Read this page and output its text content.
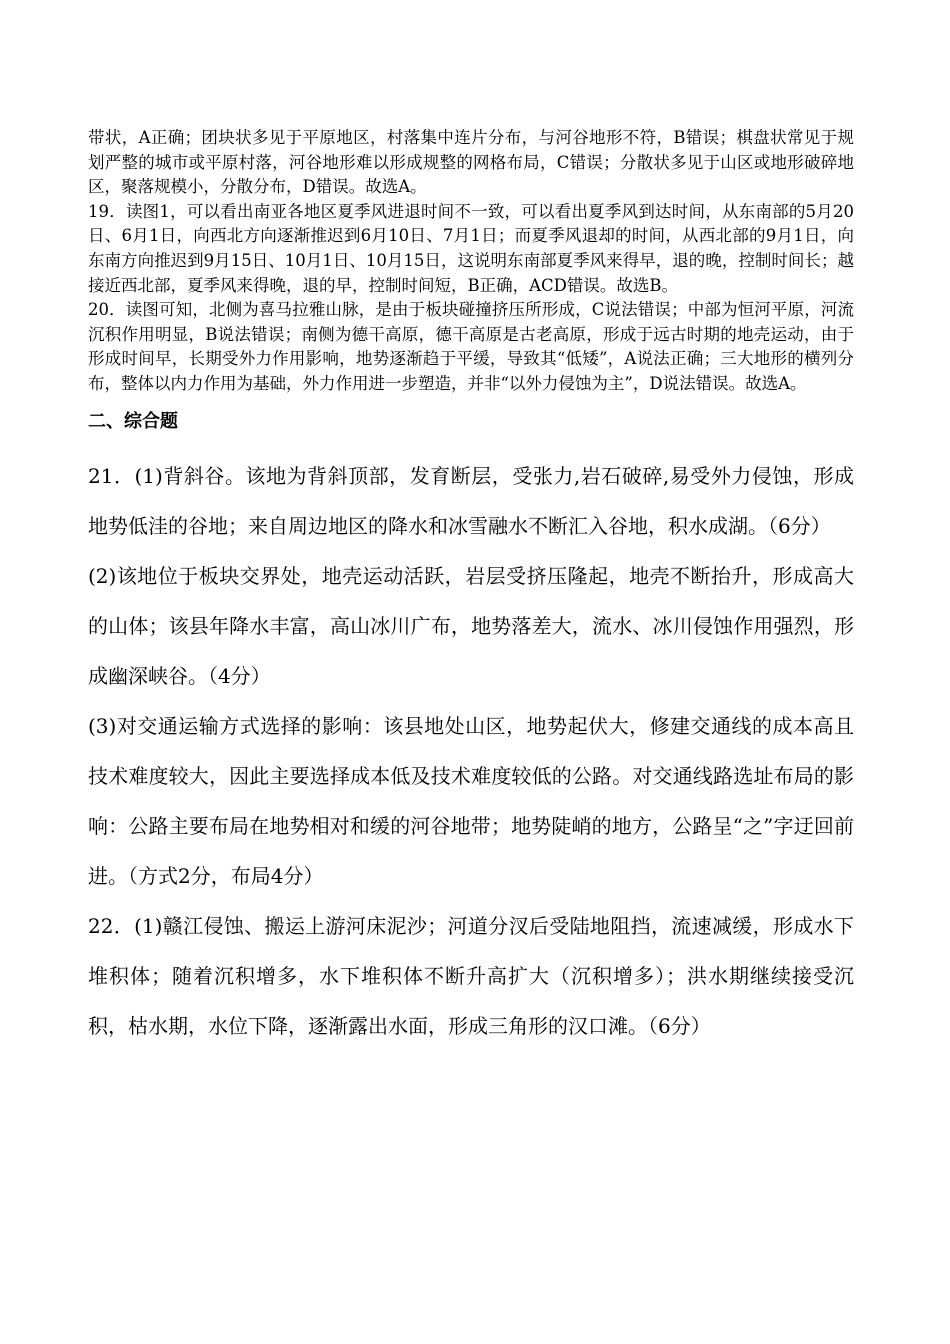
带状，A正确；团块状多见于平原地区，村落集中连片分布，与河谷地形不符，B错误；棋盘状常见于规划严整的城市或平原村落，河谷地形难以形成规整的网格布局，C错误；分散状多见于山区或地形破碎地区，聚落规模小，分散分布，D错误。故选A。

19．读图1，可以看出南亚各地区夏季风进退时间不一致，可以看出夏季风到达时间，从东南部的5月20日、6月1日，向西北方向逐渐推迟到6月10日、7月1日；而夏季风退却的时间，从西北部的9月1日，向东南方向推迟到9月15日、10月1日、10月15日，这说明东南部夏季风来得早，退的晚，控制时间长；越接近西北部，夏季风来得晚，退的早，控制时间短，B正确，ACD错误。故选B。

20．读图可知，北侧为喜马拉雅山脉，是由于板块碰撞挤压所形成，C说法错误；中部为恒河平原，河流沉积作用明显，B说法错误；南侧为德干高原，德干高原是古老高原，形成于远古时期的地壳运动，由于形成时间早，长期受外力作用影响，地势逐渐趋于平缓，导致其“低矮”，A说法正确；三大地形的横列分布，整体以内力作用为基础，外力作用进一步塑造，并非“以外力侵蚀为主”，D说法错误。故选A。

二、综合题

21．(1)背斜谷。该地为背斜顶部，发育断层，受张力,岩石破碎,易受外力侵蚀，形成地势低洼的谷地；来自周边地区的降水和冰雪融水不断汇入谷地，积水成湖。（6分）

(2)该地位于板块交界处，地壳运动活跃，岩层受挤压隆起，地壳不断抬升，形成高大的山体；该县年降水丰富，高山冰川广布，地势落差大，流水、冰川侵蚀作用强烈，形成幽深峡谷。（4分）

(3)对交通运输方式选择的影响：该县地处山区，地势起伏大，修建交通线的成本高且技术难度较大，因此主要选择成本低及技术难度较低的公路。对交通线路选址布局的影响：公路主要布局在地势相对和缓的河谷地带；地势陡峭的地方，公路呈“之”字迂回前进。（方式2分，布局4分）

22．(1)赣江侵蚀、搬运上游河床泥沙；河道分汊后受陆地阻挡，流速减缓，形成水下堆积体；随着沉积增多，水下堆积体不断升高扩大（沉积增多）；洪水期继续接受沉积，枯水期，水位下降，逐渐露出水面，形成三角形的汉口滩。（6分）
